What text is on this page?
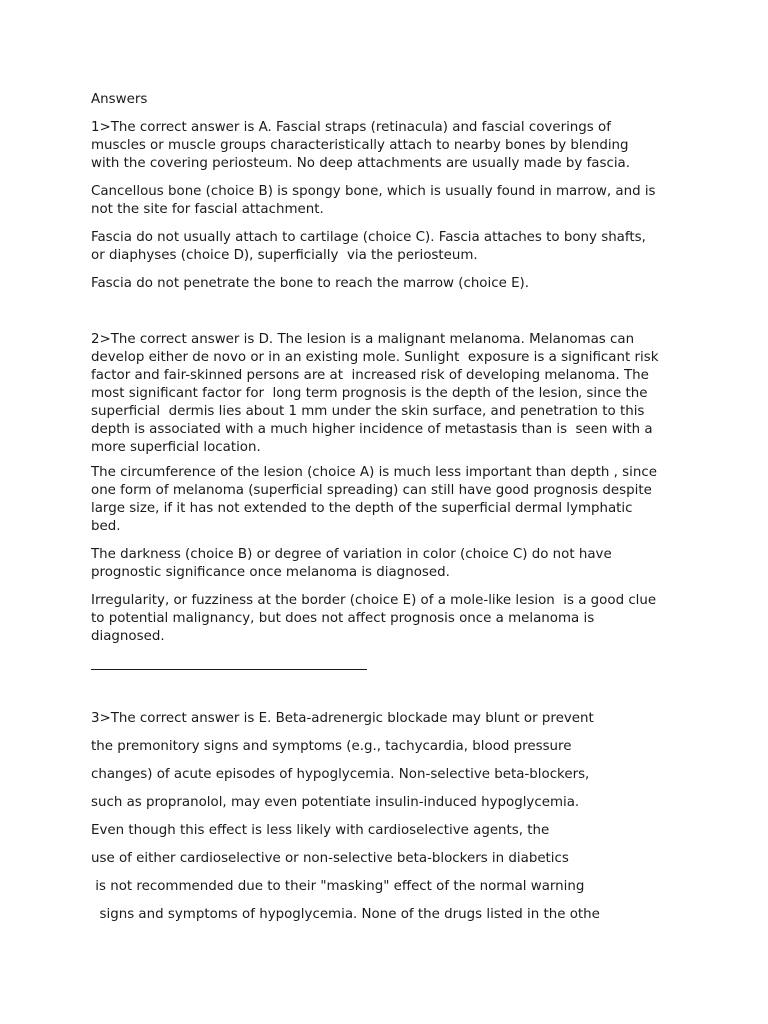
Answers

1>The correct answer is A. Fascial straps (retinacula) and fascial coverings of
muscles or muscle groups characteristically attach to nearby bones by blending
with the covering periosteum. No deep attachments are usually made by fascia.

Cancellous bone (choice B) is spongy bone, which is usually found in marrow, and is
not the site for fascial attachment.

Fascia do not usually attach to cartilage (choice C). Fascia attaches to bony shafts,
or diaphyses (choice D), superficially  via the periosteum.

Fascia do not penetrate the bone to reach the marrow (choice E).

2>The correct answer is D. The lesion is a malignant melanoma. Melanomas can
develop either de novo or in an existing mole. Sunlight  exposure is a significant risk
factor and fair-skinned persons are at  increased risk of developing melanoma. The
most significant factor for  long term prognosis is the depth of the lesion, since the
superficial  dermis lies about 1 mm under the skin surface, and penetration to this
depth is associated with a much higher incidence of metastasis than is  seen with a
more superficial location.

The circumference of the lesion (choice A) is much less important than depth , since
one form of melanoma (superficial spreading) can still have good prognosis despite
large size, if it has not extended to the depth of the superficial dermal lymphatic
bed.

The darkness (choice B) or degree of variation in color (choice C) do not have
prognostic significance once melanoma is diagnosed.

Irregularity, or fuzziness at the border (choice E) of a mole-like lesion  is a good clue
to potential malignancy, but does not affect prognosis once a melanoma is
diagnosed.

3>The correct answer is E. Beta-adrenergic blockade may blunt or prevent

the premonitory signs and symptoms (e.g., tachycardia, blood pressure

changes) of acute episodes of hypoglycemia. Non-selective beta-blockers,

such as propranolol, may even potentiate insulin-induced hypoglycemia.

Even though this effect is less likely with cardioselective agents, the

use of either cardioselective or non-selective beta-blockers in diabetics

is not recommended due to their "masking" effect of the normal warning

signs and symptoms of hypoglycemia. None of the drugs listed in the othe
